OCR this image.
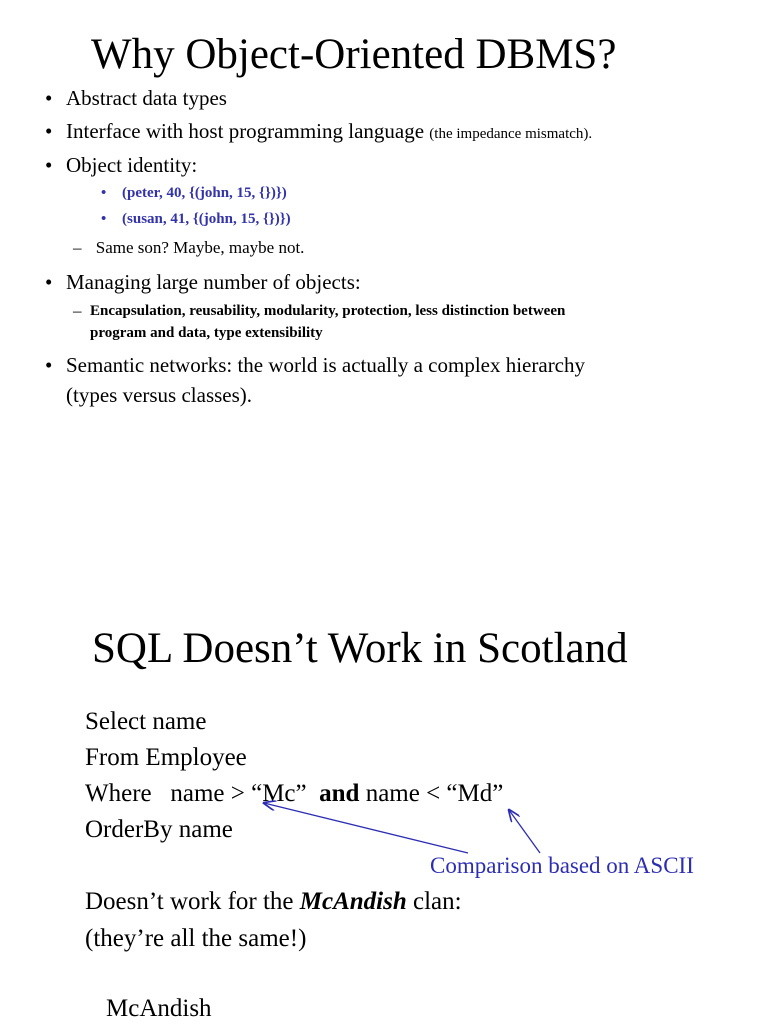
Why Object-Oriented DBMS?
• Abstract data types
• Interface with host programming language (the impedance mismatch).
• Object identity:
• (peter, 40, {(john, 15, {})})
• (susan, 41, {(john, 15, {})})
– Same son? Maybe, maybe not.
• Managing large number of objects:
– Encapsulation, reusability, modularity, protection, less distinction between
program and data, type extensibility
• Semantic networks: the world is actually a complex hierarchy
(types versus classes).
SQL Doesn’t Work in Scotland
Select name
From Employee
Where   name > “Mc”  and name < “Md”
OrderBy name
Comparison based on ASCII
Doesn’t work for the McAndish clan:
(they’re all the same!)
McAndish
